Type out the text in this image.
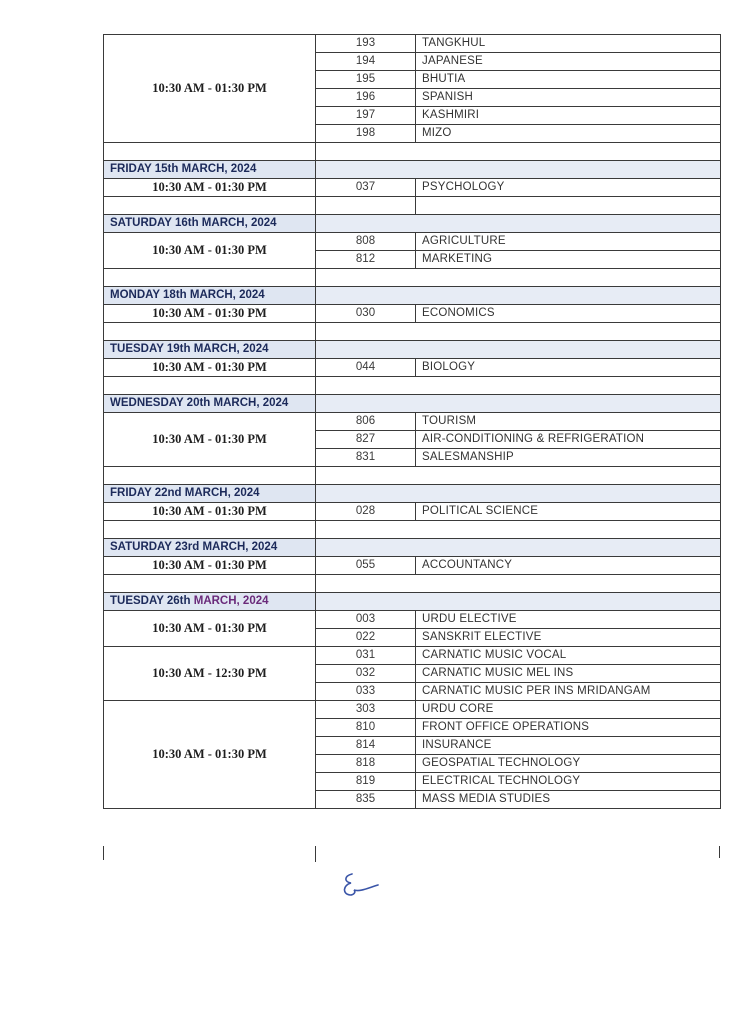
10:30 AM - 01:30 PM	193	TANGKHUL
	194	JAPANESE
	195	BHUTIA
	196	SPANISH
	197	KASHMIRI
	198	MIZO

FRIDAY 15th MARCH, 2024		
10:30 AM - 01:30 PM	037	PSYCHOLOGY

SATURDAY 16th MARCH, 2024		
10:30 AM - 01:30 PM	808	AGRICULTURE
	812	MARKETING

MONDAY 18th MARCH, 2024		
10:30 AM - 01:30 PM	030	ECONOMICS

TUESDAY 19th MARCH, 2024		
10:30 AM - 01:30 PM	044	BIOLOGY

WEDNESDAY 20th MARCH, 2024		
10:30 AM - 01:30 PM	806	TOURISM
	827	AIR-CONDITIONING & REFRIGERATION
	831	SALESMANSHIP

FRIDAY 22nd MARCH, 2024		
10:30 AM - 01:30 PM	028	POLITICAL SCIENCE

SATURDAY 23rd MARCH, 2024		
10:30 AM - 01:30 PM	055	ACCOUNTANCY

TUESDAY 26th MARCH, 2024		
10:30 AM - 01:30 PM	003	URDU ELECTIVE
	022	SANSKRIT ELECTIVE
10:30 AM - 12:30 PM	031	CARNATIC MUSIC VOCAL
	032	CARNATIC MUSIC MEL INS
	033	CARNATIC MUSIC PER INS MRIDANGAM
10:30 AM - 01:30 PM	303	URDU CORE
	810	FRONT OFFICE OPERATIONS
	814	INSURANCE
	818	GEOSPATIAL TECHNOLOGY
	819	ELECTRICAL TECHNOLOGY
	835	MASS MEDIA STUDIES
